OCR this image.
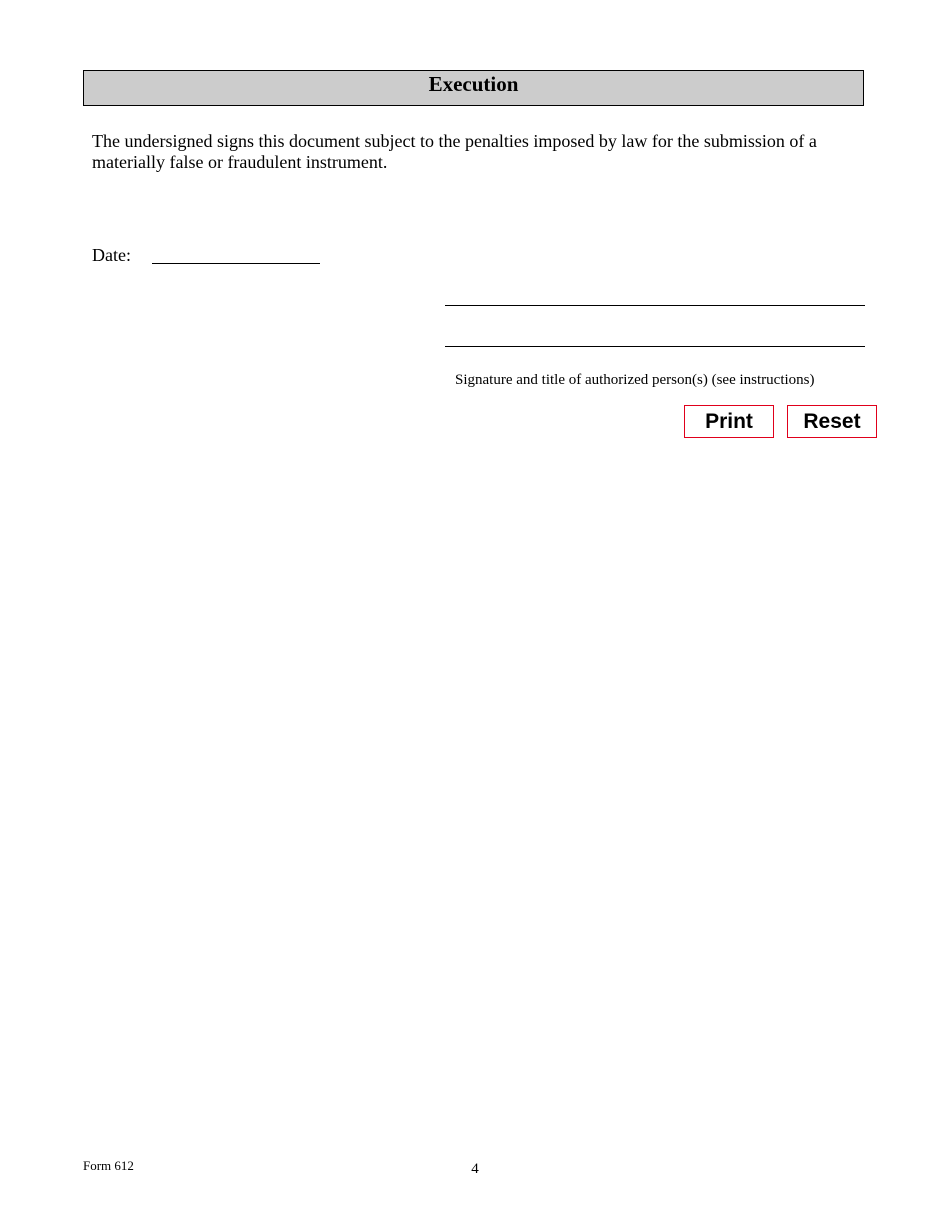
Execution

The undersigned signs this document subject to the penalties imposed by law for the submission of a materially false or fraudulent instrument.

Date:
Signature and title of authorized person(s) (see instructions)
Print	Reset
Form 612	4
